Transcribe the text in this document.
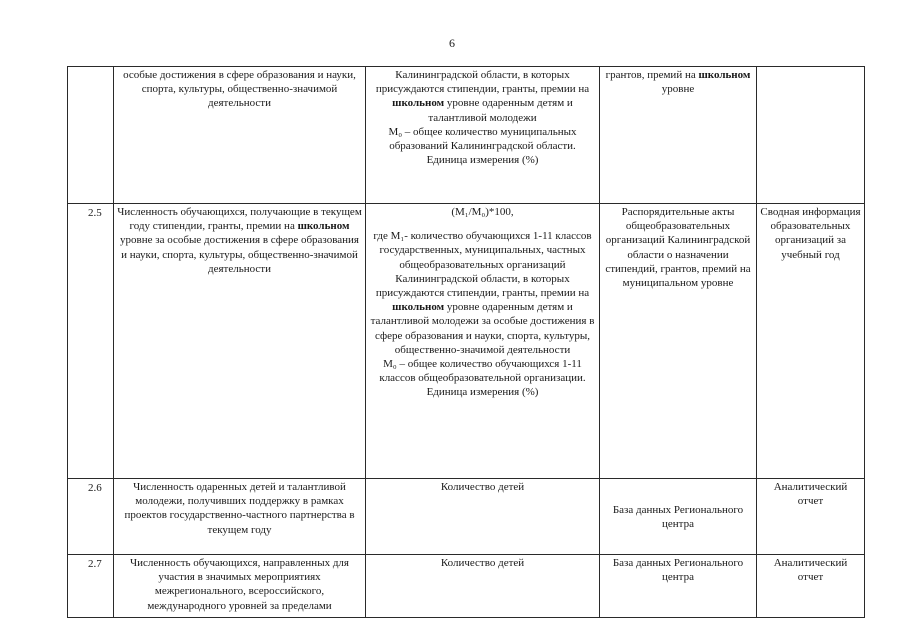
6
	особые достижения в сфере образования и науки, спорта, культуры, общественно-значимой деятельности	Калининградской области, в которых присуждаются стипендии, гранты, премии на школьном уровне одаренным детям и талантливой молодежи
M₀ – общее количество муниципальных образований Калининградской области.
Единица измерения (%)	грантов, премий на школьном уровне	
2.5	Численность обучающихся, получающие в текущем году стипендии, гранты, премии на школьном уровне за особые достижения в сфере образования и науки, спорта, культуры, общественно-значимой деятельности	(M₁/M₀)*100,
где M₁- количество обучающихся 1-11 классов государственных, муниципальных, частных общеобразовательных организаций Калининградской области, в которых присуждаются стипендии, гранты, премии на школьном уровне одаренным детям и талантливой молодежи за особые достижения в сфере образования и науки, спорта, культуры, общественно-значимой деятельности
M₀ – общее количество обучающихся 1-11 классов общеобразовательной организации.
Единица измерения (%)	Распорядительные акты общеобразовательных организаций Калининградской области о назначении стипендий, грантов, премий на муниципальном уровне	Сводная информация образовательных организаций за учебный год
2.6	Численность одаренных детей и талантливой молодежи, получивших поддержку в рамках проектов государственно-частного партнерства в текущем году	Количество детей	База данных Регионального центра	Аналитический отчет
2.7	Численность обучающихся, направленных для участия в значимых мероприятиях межрегионального, всероссийского, международного уровней за пределами	Количество детей	База данных Регионального центра	Аналитический отчет
